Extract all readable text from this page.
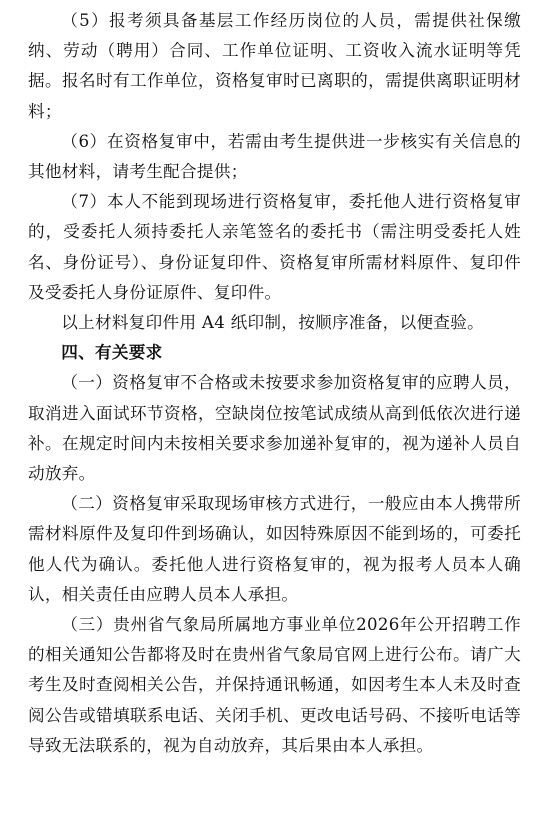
（5）报考须具备基层工作经历岗位的人员，需提供社保缴纳、劳动（聘用）合同、工作单位证明、工资收入流水证明等凭据。报名时有工作单位，资格复审时已离职的，需提供离职证明材料；

（6）在资格复审中，若需由考生提供进一步核实有关信息的其他材料，请考生配合提供；

（7）本人不能到现场进行资格复审，委托他人进行资格复审的，受委托人须持委托人亲笔签名的委托书（需注明受委托人姓名、身份证号）、身份证复印件、资格复审所需材料原件、复印件及受委托人身份证原件、复印件。

以上材料复印件用 A4 纸印制，按顺序准备，以便查验。

四、有关要求

（一）资格复审不合格或未按要求参加资格复审的应聘人员，取消进入面试环节资格，空缺岗位按笔试成绩从高到低依次进行递补。在规定时间内未按相关要求参加递补复审的，视为递补人员自动放弃。

（二）资格复审采取现场审核方式进行，一般应由本人携带所需材料原件及复印件到场确认，如因特殊原因不能到场的，可委托他人代为确认。委托他人进行资格复审的，视为报考人员本人确认，相关责任由应聘人员本人承担。

（三）贵州省气象局所属地方事业单位2026年公开招聘工作的相关通知公告都将及时在贵州省气象局官网上进行公布。请广大考生及时查阅相关公告，并保持通讯畅通，如因考生本人未及时查阅公告或错填联系电话、关闭手机、更改电话号码、不接听电话等导致无法联系的，视为自动放弃，其后果由本人承担。
